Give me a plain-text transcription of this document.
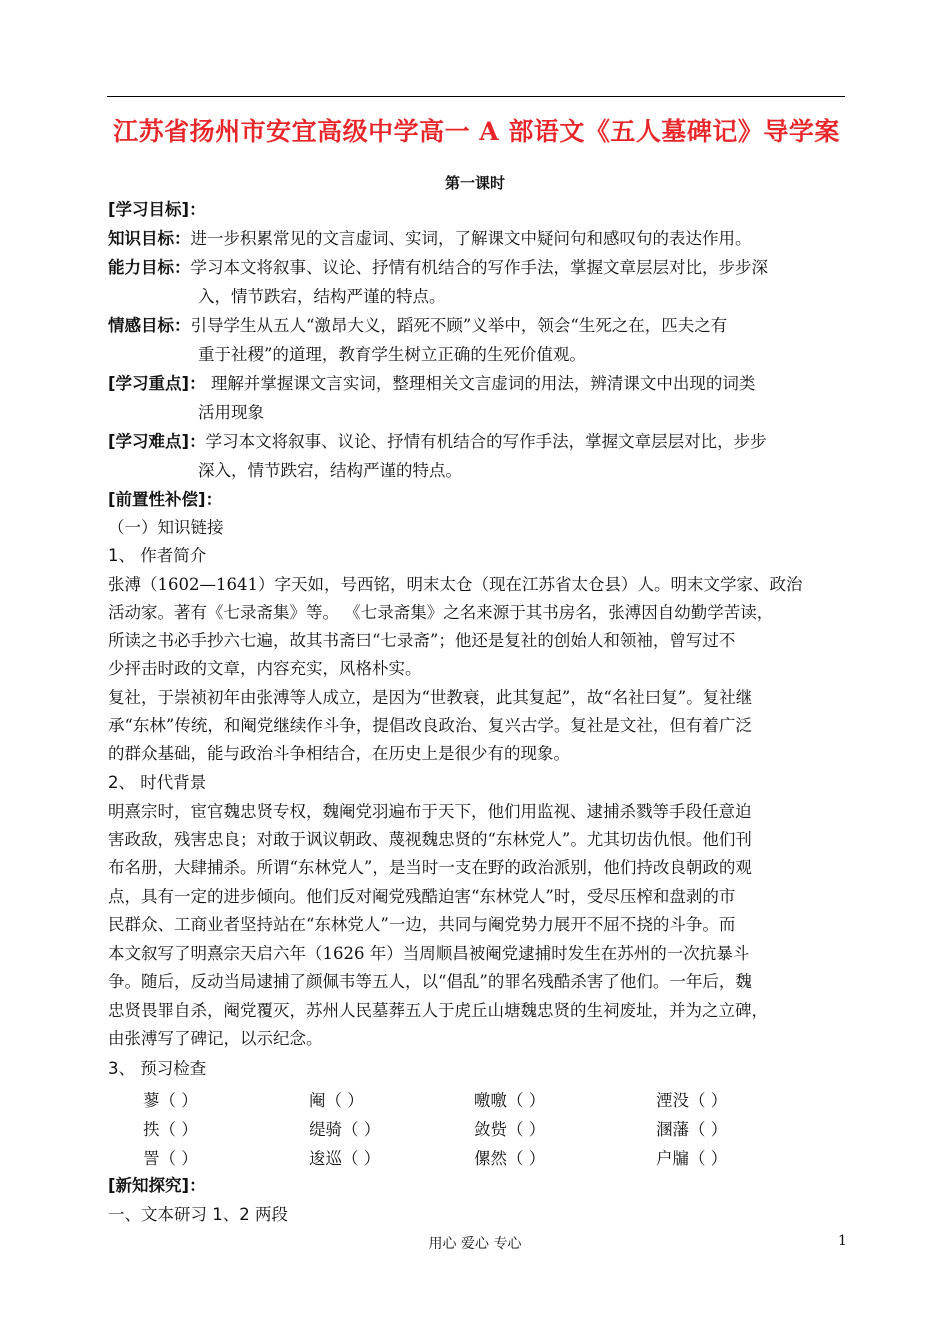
江苏省扬州市安宜高级中学高一 A 部语文《五人墓碑记》导学案
第一课时
[学习目标]：
知识目标：进一步积累常见的文言虚词、实词，了解课文中疑问句和感叹句的表达作用。
能力目标：学习本文将叙事、议论、抒情有机结合的写作手法，掌握文章层层对比，步步深
入，情节跌宕，结构严谨的特点。
情感目标：引导学生从五人“激昂大义，蹈死不顾”义举中，领会“生死之在，匹夫之有
重于社稷”的道理，教育学生树立正确的生死价值观。
[学习重点]： 理解并掌握课文言实词，整理相关文言虚词的用法，辨清课文中出现的词类
活用现象
[学习难点]：学习本文将叙事、议论、抒情有机结合的写作手法，掌握文章层层对比，步步
深入，情节跌宕，结构严谨的特点。
[前置性补偿]：
（一）知识链接
1、 作者简介
张溥（1602—1641）字天如，号西铭，明末太仓（现在江苏省太仓县）人。明末文学家、政治
活动家。著有《七录斋集》等。 《七录斋集》之名来源于其书房名，张溥因自幼勤学苦读，
所读之书必手抄六七遍，故其书斋曰“七录斋”；他还是复社的创始人和领袖，曾写过不
少抨击时政的文章，内容充实，风格朴实。
复社，于崇祯初年由张溥等人成立，是因为“世教衰，此其复起”，故“名社曰复”。复社继
承“东林”传统，和阉党继续作斗争，提倡改良政治、复兴古学。复社是文社，但有着广泛
的群众基础，能与政治斗争相结合，在历史上是很少有的现象。
2、 时代背景
明熹宗时，宦官魏忠贤专权，魏阉党羽遍布于天下，他们用监视、逮捕杀戮等手段任意迫
害政敌，残害忠良；对敢于讽议朝政、蔑视魏忠贤的“东林党人”。尤其切齿仇恨。他们刊
布名册，大肆捕杀。所谓“东林党人”，是当时一支在野的政治派别，他们持改良朝政的观
点，具有一定的进步倾向。他们反对阉党残酷迫害“东林党人”时，受尽压榨和盘剥的市
民群众、工商业者坚持站在“东林党人”一边，共同与阉党势力展开不屈不挠的斗争。而
本文叙写了明熹宗天启六年（1626 年）当周顺昌被阉党逮捕时发生在苏州的一次抗暴斗
争。随后，反动当局逮捕了颜佩韦等五人，以“倡乱”的罪名残酷杀害了他们。一年后，魏
忠贤畏罪自杀，阉党覆灭，苏州人民墓葬五人于虎丘山塘魏忠贤的生祠废址，并为之立碑，
由张溥写了碑记，以示纪念。
3、 预习检查
蓼（ ）	阉（ ）	噭噭（ ）	湮没（ ）
抶（ ）	缇骑（ ）	敛赀（ ）	溷藩（ ）
詈（ ）	逡巡（ ）	傫然（ ）	户牖（ ）
[新知探究]：
一、文本研习 1、2 两段
用心 爱心 专心	1
